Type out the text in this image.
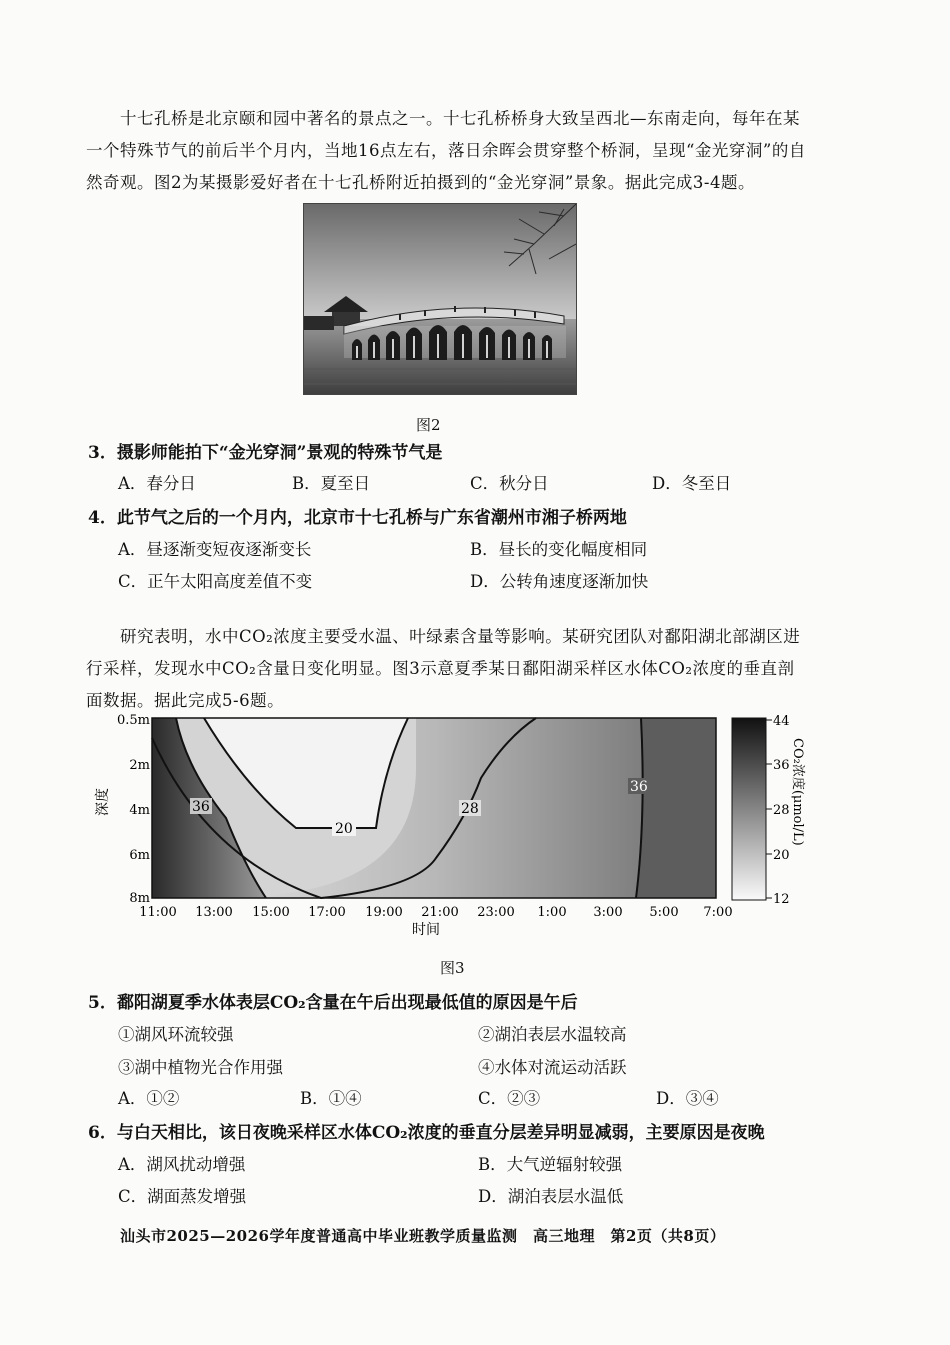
十七孔桥是北京颐和园中著名的景点之一。十七孔桥桥身大致呈西北—东南走向，每年在某一个特殊节气的前后半个月内，当地16点左右，落日余晖会贯穿整个桥洞，呈现“金光穿洞”的自然奇观。图2为某摄影爱好者在十七孔桥附近拍摄到的“金光穿洞”景象。据此完成3-4题。
图2
3．摄影师能拍下“金光穿洞”景观的特殊节气是
A．春分日	B．夏至日	C．秋分日	D．冬至日
4．此节气之后的一个月内，北京市十七孔桥与广东省潮州市湘子桥两地
A．昼逐渐变短夜逐渐变长	B．昼长的变化幅度相同
C．正午太阳高度差值不变	D．公转角速度逐渐加快
研究表明，水中CO₂浓度主要受水温、叶绿素含量等影响。某研究团队对鄱阳湖北部湖区进行采样，发现水中CO₂含量日变化明显。图3示意夏季某日鄱阳湖采样区水体CO₂浓度的垂直剖面数据。据此完成5-6题。
36
20
28
36
0.5m
2m
4m
6m
8m
深度
11:00 13:00 15:00 17:00 19:00 21:00 23:00 1:00 3:00 5:00 7:00
时间
44
36
28
20
12
CO₂浓度(μmol/L)
图3
5．鄱阳湖夏季水体表层CO₂含量在午后出现最低值的原因是午后
①湖风环流较强	②湖泊表层水温较高
③湖中植物光合作用强	④水体对流运动活跃
A．①②	B．①④	C．②③	D．③④
6．与白天相比，该日夜晚采样区水体CO₂浓度的垂直分层差异明显减弱，主要原因是夜晚
A．湖风扰动增强	B．大气逆辐射较强
C．湖面蒸发增强	D．湖泊表层水温低
汕头市2025—2026学年度普通高中毕业班教学质量监测　高三地理　第2页（共8页）
